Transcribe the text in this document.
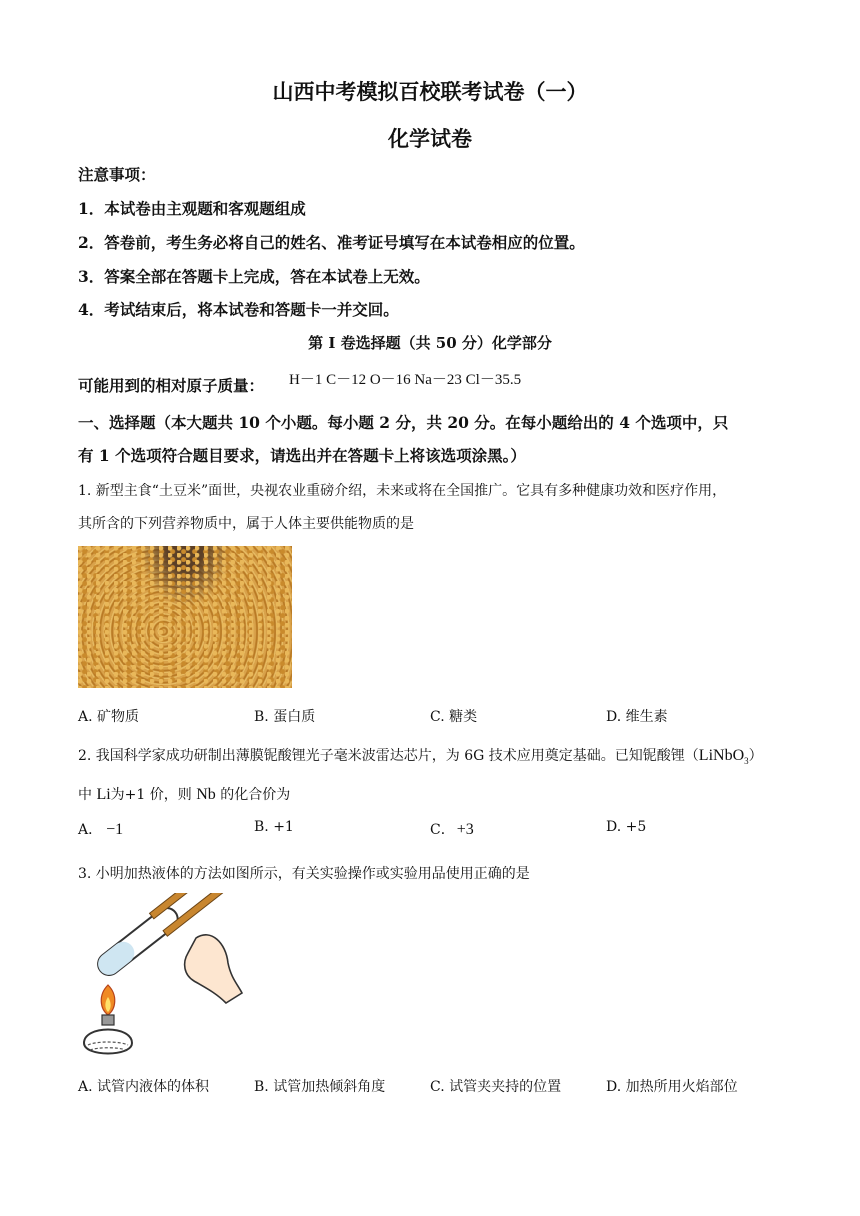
山西中考模拟百校联考试卷（一）
化学试卷
注意事项：
1．本试卷由主观题和客观题组成
2．答卷前，考生务必将自己的姓名、准考证号填写在本试卷相应的位置。
3．答案全部在答题卡上完成，答在本试卷上无效。
4．考试结束后，将本试卷和答题卡一并交回。
第 I 卷选择题（共 50 分）化学部分
可能用到的相对原子质量： H－1 C－12 O－16 Na－23 Cl－35.5
一、选择题（本大题共 10 个小题。每小题 2 分，共 20 分。在每小题给出的 4 个选项中，只
有 1 个选项符合题目要求，请选出并在答题卡上将该选项涂黑。）
1. 新型主食“土豆米”面世，央视农业重磅介绍，未来或将在全国推广。它具有多种健康功效和医疗作用，
其所含的下列营养物质中，属于人体主要供能物质的是
A. 矿物质	B. 蛋白质	C. 糖类	D. 维生素
2. 我国科学家成功研制出薄膜铌酸锂光子毫米波雷达芯片，为 6G 技术应用奠定基础。已知铌酸锂（LiNbO$_3$）
中 Li为+1 价，则 Nb 的化合价为
A． −1	B. +1	C． +3	D. +5
3. 小明加热液体的方法如图所示，有关实验操作或实验用品使用正确的是
A. 试管内液体的体积	B. 试管加热倾斜角度	C. 试管夹夹持的位置	D. 加热所用火焰部位
